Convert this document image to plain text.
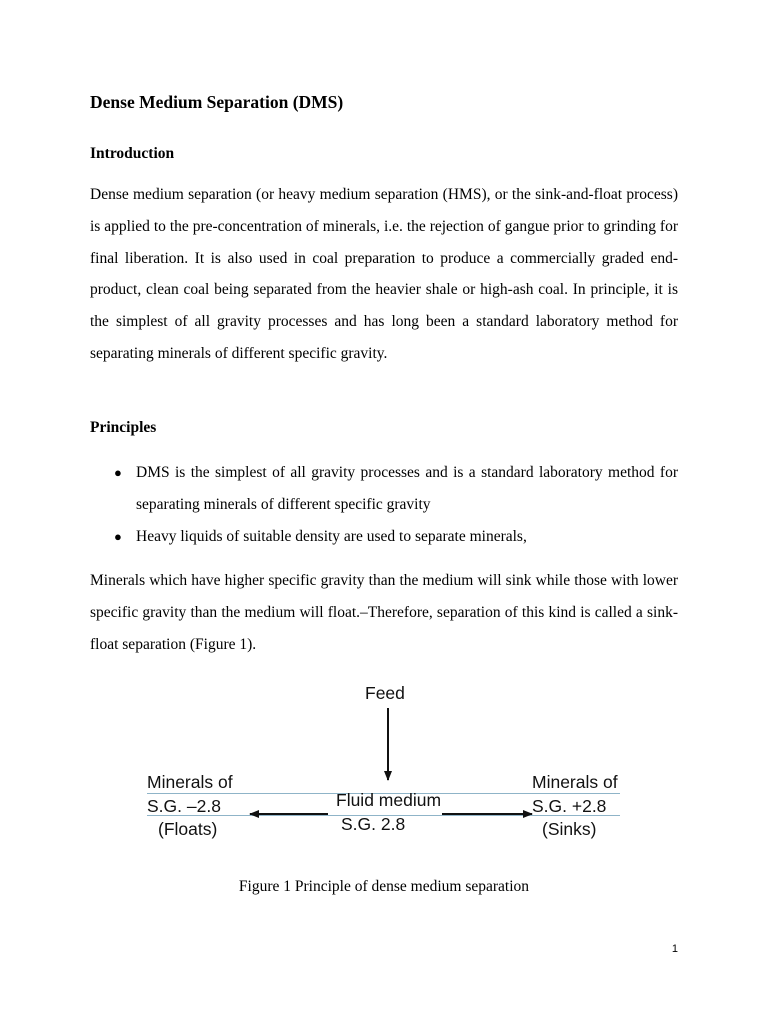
Dense Medium Separation (DMS)
Introduction

Dense medium separation (or heavy medium separation (HMS), or the sink-and-float process) is applied to the pre-concentration of minerals, i.e. the rejection of gangue prior to grinding for final liberation. It is also used in coal preparation to produce a commercially graded end-product, clean coal being separated from the heavier shale or high-ash coal. In principle, it is the simplest of all gravity processes and has long been a standard laboratory method for separating minerals of different specific gravity.

Principles
● DMS is the simplest of all gravity processes and is a standard laboratory method for separating minerals of different specific gravity
● Heavy liquids of suitable density are used to separate minerals,

Minerals which have higher specific gravity than the medium will sink while those with lower specific gravity than the medium will float.–Therefore, separation of this kind is called a sink-float separation (Figure 1).

Feed
Minerals of
S.G. –2.8
(Floats)
Fluid medium
S.G. 2.8
Minerals of
S.G. +2.8
(Sinks)
Figure 1 Principle of dense medium separation
1
